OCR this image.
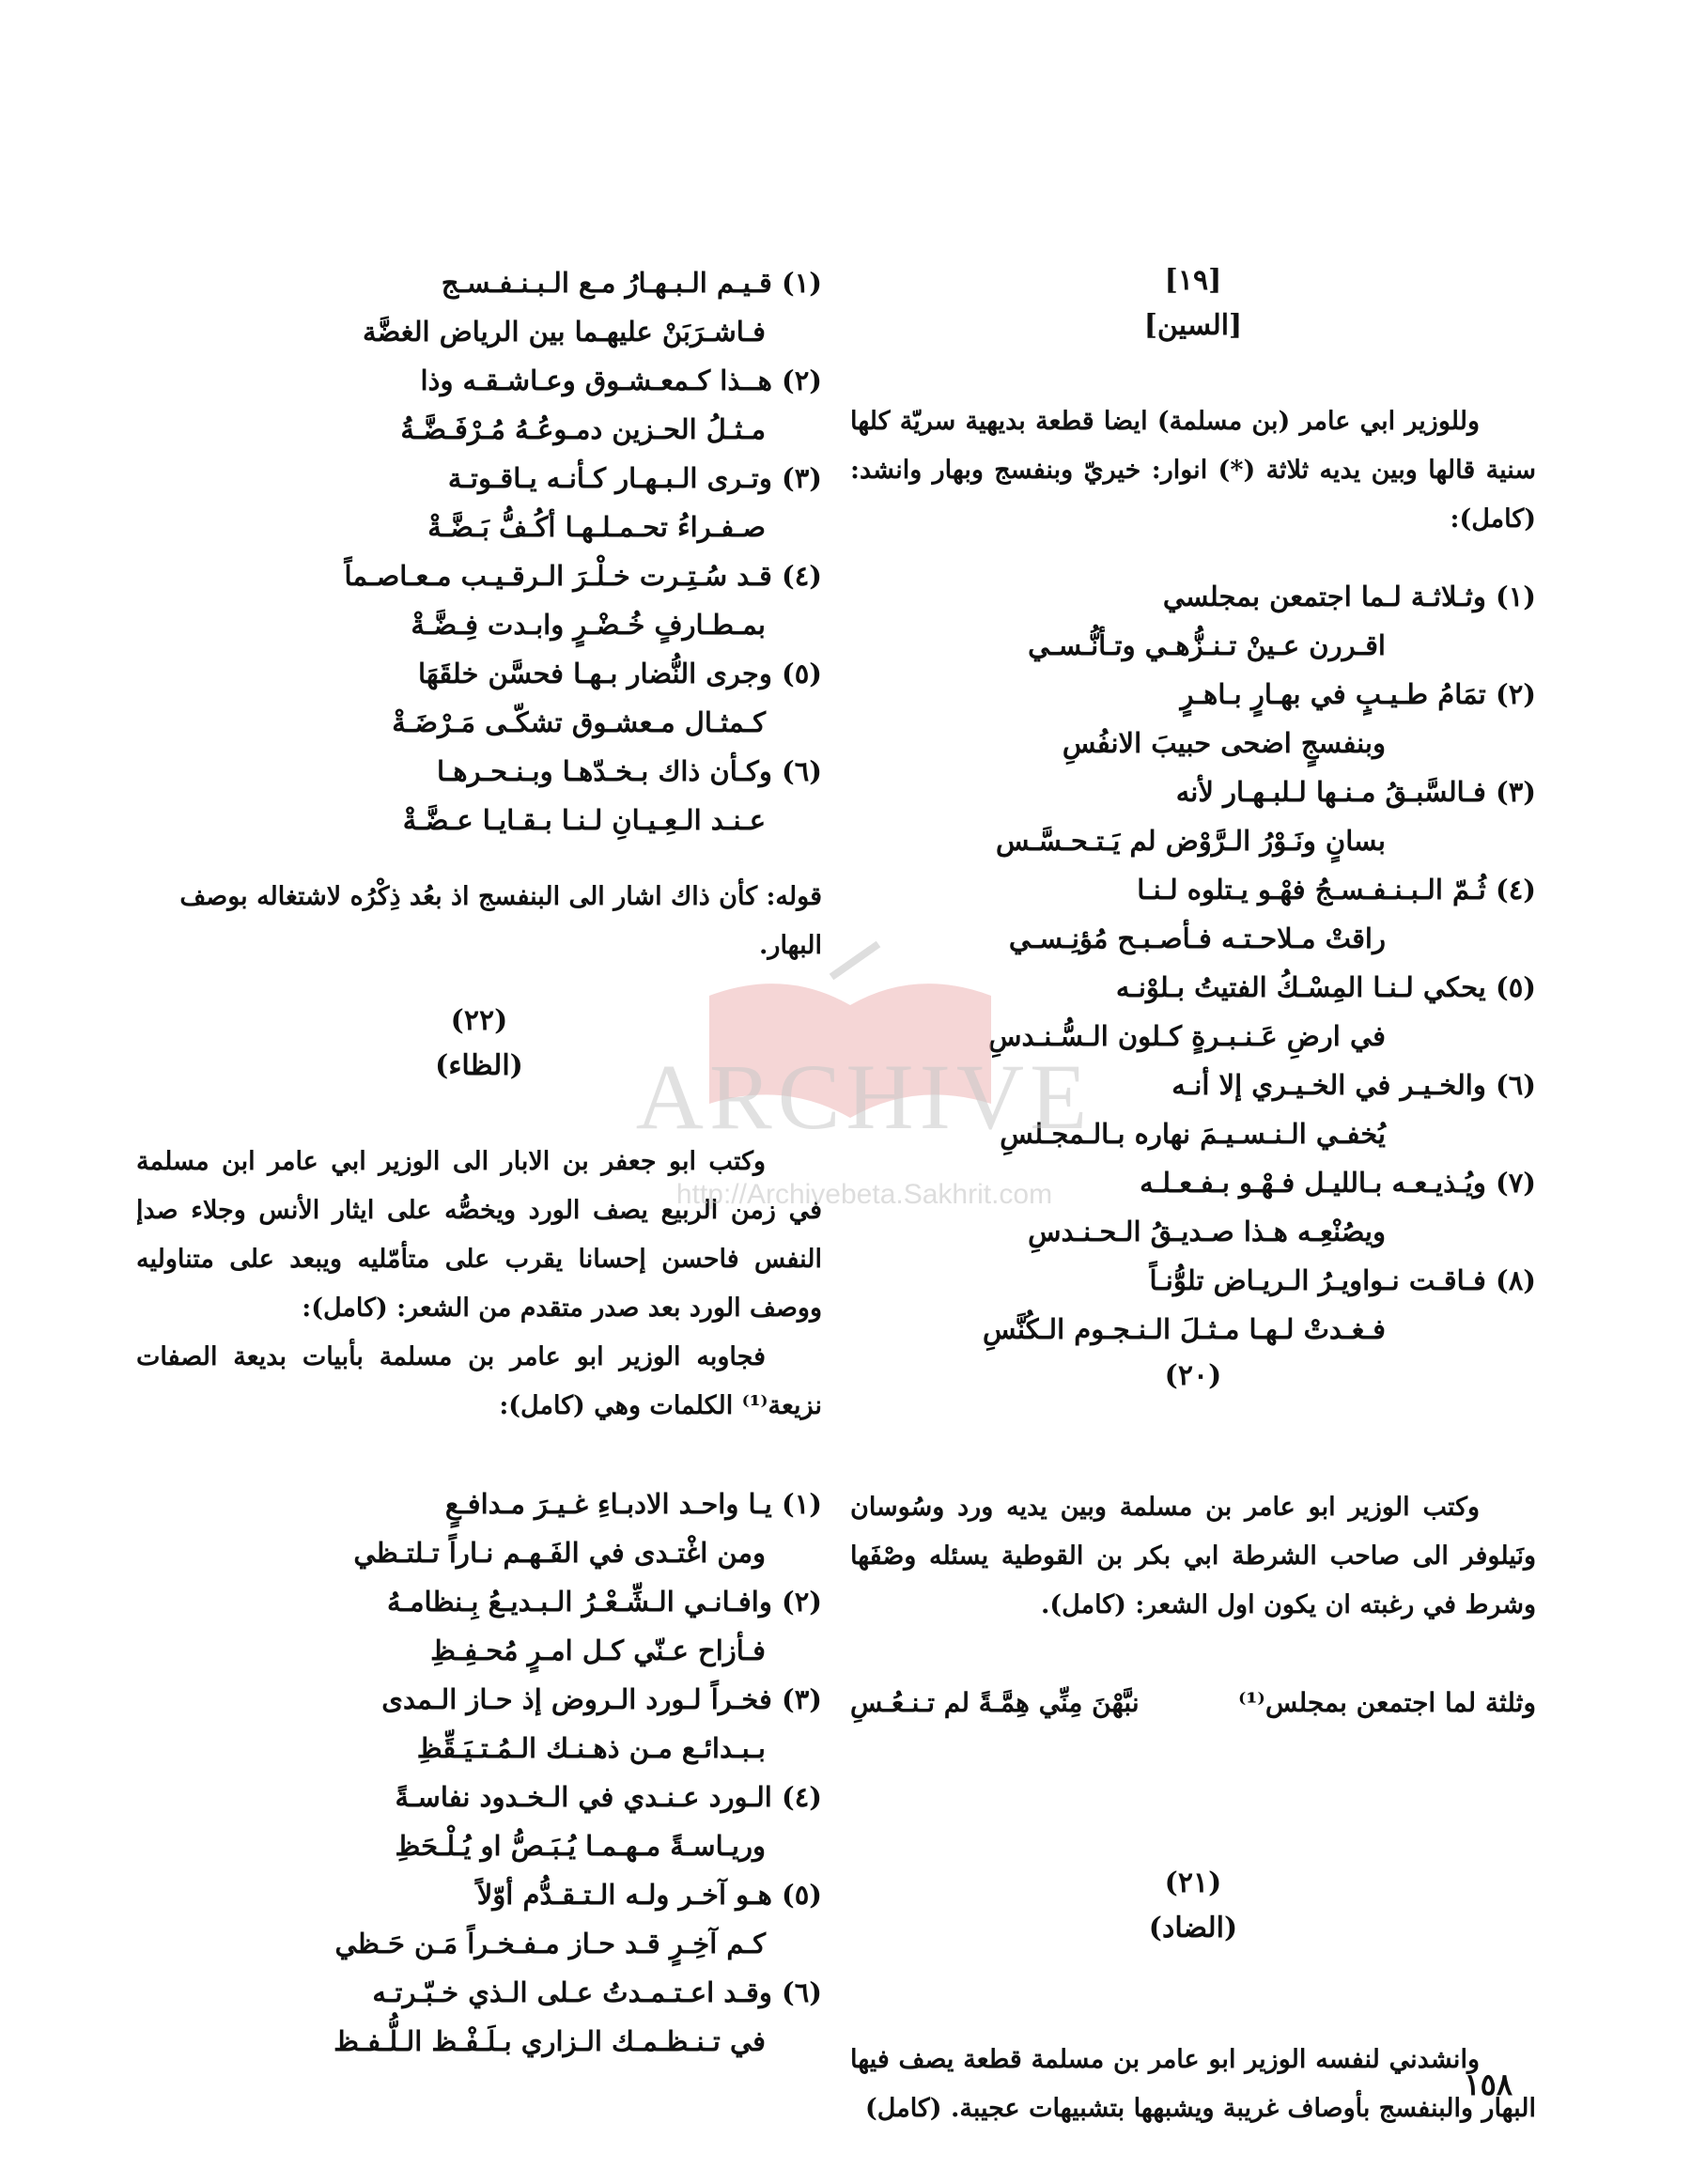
[١٩]
[السين]
وللوزير ابي عامر (بن مسلمة) ايضا قطعة بديهية سريّة كلها سنية قالها وبين يديه ثلاثة (*) انوار: خيريّ وبنفسج وبهار وانشد: (كامل):
(١) وثـلاثـة لـما اجتمعن بمجلسي
اقـررن عـينْ تـنـزُّهـي وتـأنُّـسـي
(٢) تمَامُ طـيـبٍ في بهـارٍ بـاهـرٍ
وبنفسجٍ اضحى حبيبَ الانفُسِ
(٣) فـالسَّبـقُ مـنـها لـلبـهـار لأنه
بسانٍ ونَـوْرُ الـرَّوْض لم يَـتـحـسَّـس
(٤) ثُـمّ الـبـنـفـسـجُ فهْـو يـتلوه لـنـا
راقتْ مـلاحـتـه فـأصـبـح مُؤنِـسـي
(٥) يحكي لـنـا المِسْـكُ الفتيتُ بـلوْنـه
في ارضِ عَـنـبـرةٍ كـلون الـسُّـنـدسِ
(٦) والخـيـر في الخـيـري إلا أنـه
يُخفـي الـنـسـيـمَ نهاره بـالـمجـلسِ
(٧) ويُـذيـعـه بـالليـل فـهْـو بـفـعـلـه
ويصُنْعِـه هـذا صـديـقُ الـحـنـدسِ
(٨) فـاقـت نـواويـرُ الـريـاض تلوُّنـاً
فـغـدتْ لـهـا مـثـلَ الـنـجـوم الـكُنَّسِ
(٢٠)
وكتب الوزير ابو عامر بن مسلمة وبين يديه ورد وسُوسان ونَيلوفر الى صاحب الشرطة ابي بكر بن القوطية يسئله وصْفَها وشرط في رغبته ان يكون اول الشعر: (كامل).
وثلثة لما اجتمعن بمجلس⁽¹⁾
نبَّهْنَ مِنِّي هِمَّـةً لم تـنـعُـسِ
(٢١)
(الضاد)
وانشدني لنفسه الوزير ابو عامر بن مسلمة قطعة يصف فيها البهار والبنفسج بأوصاف غريبة ويشبهها بتشبيهات عجيبة. (كامل)
(١) قـيـم الـبـهـارُ مـع الـبـنـفـسـج
فـاشـرَبَنْ عليهـما بين الرياض الغضَّة
(٢) هــذا كـمعـشـوق وعـاشـقـه وذا
مـثـلُ الحـزين دمـوعُـهُ مُـرْفَـضَّـةُ
(٣) وتـرى الـبـهـار كـأنـه يـاقـوتـة
صـفـراءُ تحـمـلـهـا أكُـفُّ بَـضَّـةْ
(٤) قـد سُـتِـرت خـلْـرَ الـرقـيـب مـعـاصـماً
بمـطـارفٍ خُـضْـرٍ وابـدت فِـضَّـةْ
(٥) وجرى النُّضار بـهـا فحسَّن خلقَهَا
كـمثـال مـعشـوق تشكّـى مَـرْضَـةْ
(٦) وكـأن ذاك بـخـدّهـا وبـنـحـرهـا
عـنـد الـعِـيـانِ لـنـا بـقـايـا عـضَّـةْ
قوله: كأن ذاك اشار الى البنفسج اذ بعُد ذِكْرُه لاشتغاله بوصف البهار.
(٢٢)
(الظاء)
وكتب ابو جعفر بن الابار الى الوزير ابي عامر ابن مسلمة في زمن الربيع يصف الورد ويخصُّه على ايثار الأنس وجلاء صدإ النفس فاحسن إحسانا يقرب على متأمّليه ويبعد على متناوليه ووصف الورد بعد صدر متقدم من الشعر: (كامل):
فجاوبه الوزير ابو عامر بن مسلمة بأبيات بديعة الصفات نزيعة⁽¹⁾ الكلمات وهي (كامل):
(١) يـا واحـد الادبـاءِ غـيـرَ مـدافـعٍ
ومن اغْتـدى في الفَـهـم نـاراً تـلتـظي
(٢) وافـانـي الـشِّـعْـرُ الـبـديـعُ بِـنظامـهُ
فـأزاح عـنّي كـل امـرٍ مُحـفِـظِ
(٣) فخـراً لـورد الـروض إذ حـاز الـمدى
بـبـدائـع مـن ذهـنـك الـمُـتـيَـقِّظِ
(٤) الـورد عـنـدي في الـخـدود نفاسـةً
وريـاسـةً مـهـمـا يُـبَـصُّ او يُـلْـحَظِ
(٥) هـو آخـر ولـه الـتـقـدُّم أوّلاً
كـم آخِـرٍ قـد حـاز مـفـخـراً مَـن حَـظي
(٦) وقـد اعـتـمـدتُ عـلى الـذي خـبّـرتـه
في تـنـظـمـك الـزاري بـلَـفْـظ الـلُّـفـظ
ARCHIVE
http://Archivebeta.Sakhrit.com
١٥٨
